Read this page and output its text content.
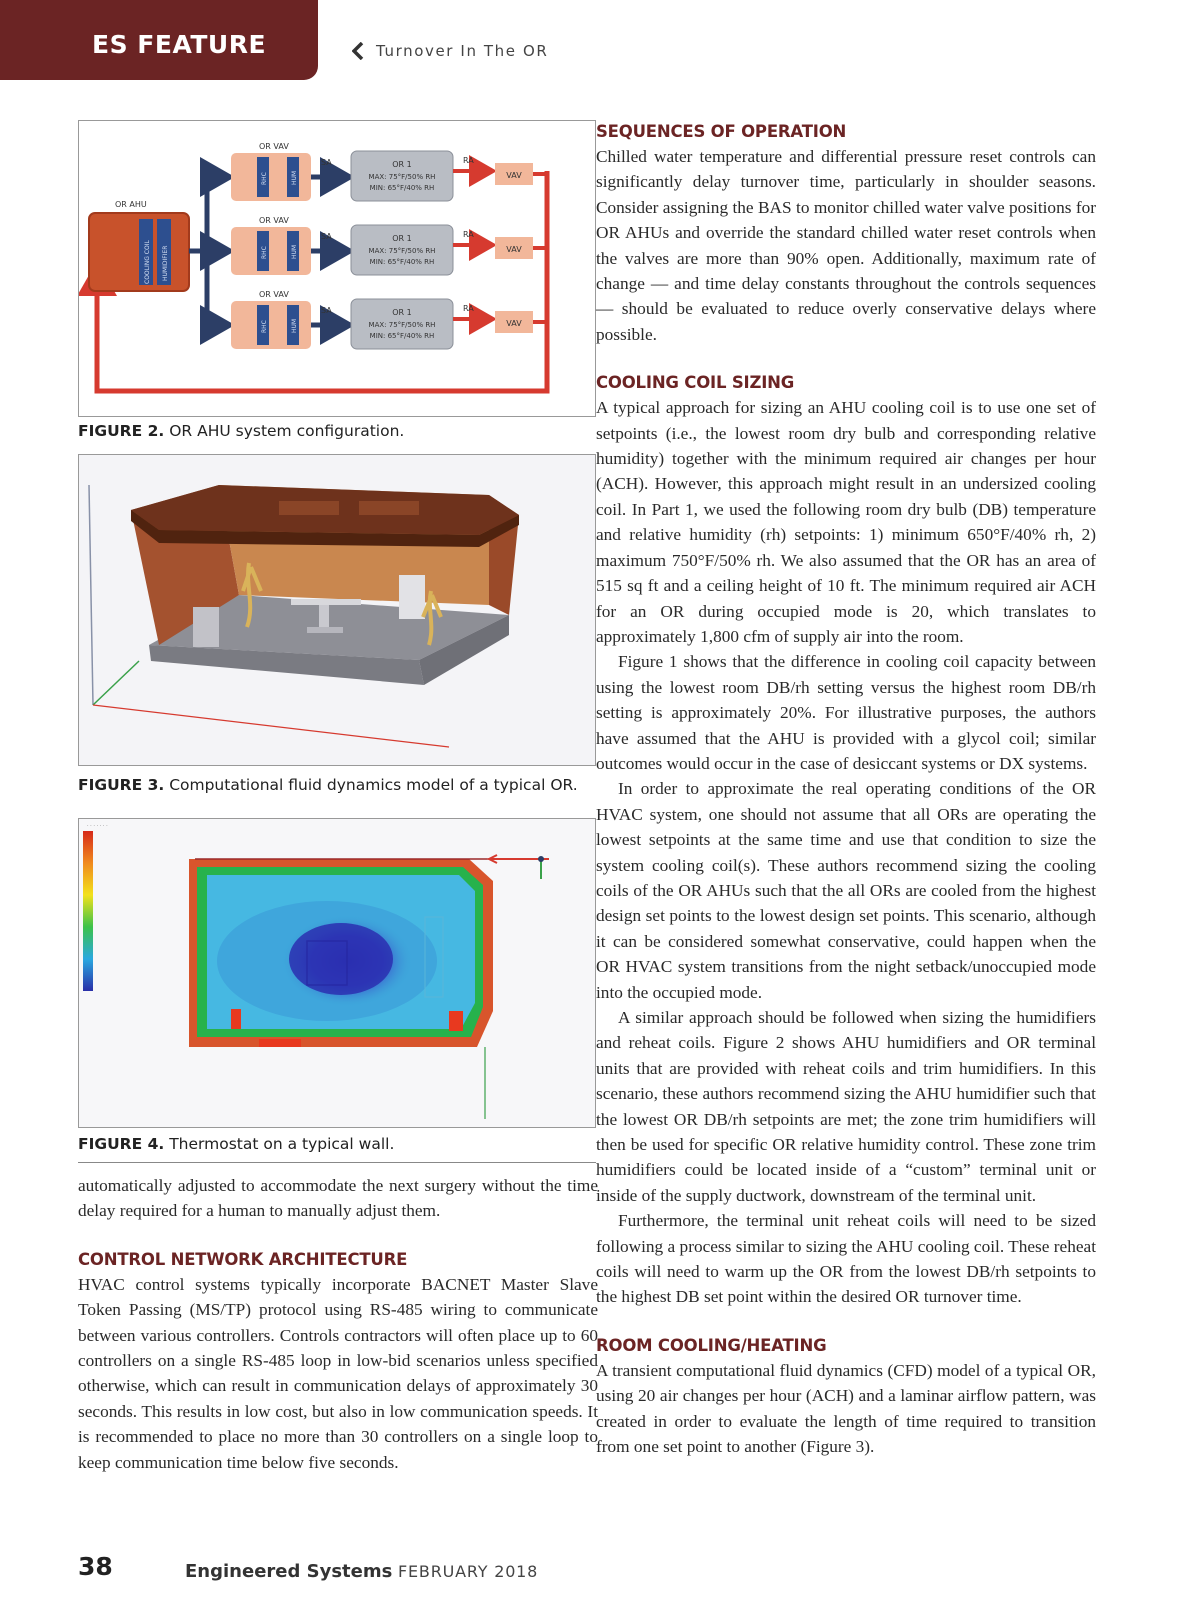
ES FEATURE	Turnover In The OR
OR AHU
COOLING COIL HUMIDIFIER
OR VAV
SA	OR 1
MAX: 75°F/50% RH
MIN: 65°F/40% RH
RA
VAV
RHC	HUM
OR VAV
SA	OR 1
MAX: 75°F/50% RH
MIN: 65°F/40% RH
RA
VAV
RHC	HUM
OR VAV
SA	OR 1
MAX: 75°F/50% RH
MIN: 65°F/40% RH
RA
VAV
RHC	HUM
FIGURE 2. OR AHU system configuration.
FIGURE 3. Computational fluid dynamics model of a typical OR.
· · · · · · ·
FIGURE 4. Thermostat on a typical wall.

automatically adjusted to accommodate the next surgery without the time delay required for a human to manually adjust them.

CONTROL NETWORK ARCHITECTURE

HVAC control systems typically incorporate BACNET Master Slave Token Passing (MS/TP) protocol using RS-485 wiring to communicate between various controllers. Controls contractors will often place up to 60 controllers on a single RS-485 loop in low-bid scenarios unless specified otherwise, which can result in communication delays of approximately 30 seconds. This results in low cost, but also in low communication speeds. It is recommended to place no more than 30 controllers on a single loop to keep communication time below five seconds.

SEQUENCES OF OPERATION

Chilled water temperature and differential pressure reset controls can significantly delay turnover time, particularly in shoulder seasons. Consider assigning the BAS to monitor chilled water valve positions for OR AHUs and override the standard chilled water reset controls when the valves are more than 90% open. Additionally, maximum rate of change — and time delay constants throughout the controls sequences — should be evaluated to reduce overly conservative delays where possible.

COOLING COIL SIZING

A typical approach for sizing an AHU cooling coil is to use one set of setpoints (i.e., the lowest room dry bulb and corresponding relative humidity) together with the minimum required air changes per hour (ACH). However, this approach might result in an undersized cooling coil. In Part 1, we used the following room dry bulb (DB) temperature and relative humidity (rh) setpoints: 1) minimum 650°F/40% rh, 2) maximum 750°F/50% rh. We also assumed that the OR has an area of 515 sq ft and a ceiling height of 10 ft. The minimum required air ACH for an OR during occupied mode is 20, which translates to approximately 1,800 cfm of supply air into the room.

Figure 1 shows that the difference in cooling coil capacity between using the lowest room DB/rh setting versus the highest room DB/rh setting is approximately 20%. For illustrative purposes, the authors have assumed that the AHU is provided with a glycol coil; similar outcomes would occur in the case of desiccant systems or DX systems.

In order to approximate the real operating conditions of the OR HVAC system, one should not assume that all ORs are operating the lowest setpoints at the same time and use that condition to size the system cooling coil(s). These authors recommend sizing the cooling coils of the OR AHUs such that the all ORs are cooled from the highest design set points to the lowest design set points. This scenario, although it can be considered somewhat conservative, could happen when the OR HVAC system transitions from the night setback/unoccupied mode into the occupied mode.

A similar approach should be followed when sizing the humidifiers and reheat coils. Figure 2 shows AHU humidifiers and OR terminal units that are provided with reheat coils and trim humidifiers. In this scenario, these authors recommend sizing the AHU humidifier such that the lowest OR DB/rh setpoints are met; the zone trim humidifiers will then be used for specific OR relative humidity control. These zone trim humidifiers could be located inside of a “custom” terminal unit or inside of the supply ductwork, downstream of the terminal unit.

Furthermore, the terminal unit reheat coils will need to be sized following a process similar to sizing the AHU cooling coil. These reheat coils will need to warm up the OR from the lowest DB/rh setpoints to the highest DB set point within the desired OR turnover time.

ROOM COOLING/HEATING

A transient computational fluid dynamics (CFD) model of a typical OR, using 20 air changes per hour (ACH) and a laminar airflow pattern, was created in order to evaluate the length of time required to transition from one set point to another (Figure 3).

38	Engineered Systems FEBRUARY 2018
